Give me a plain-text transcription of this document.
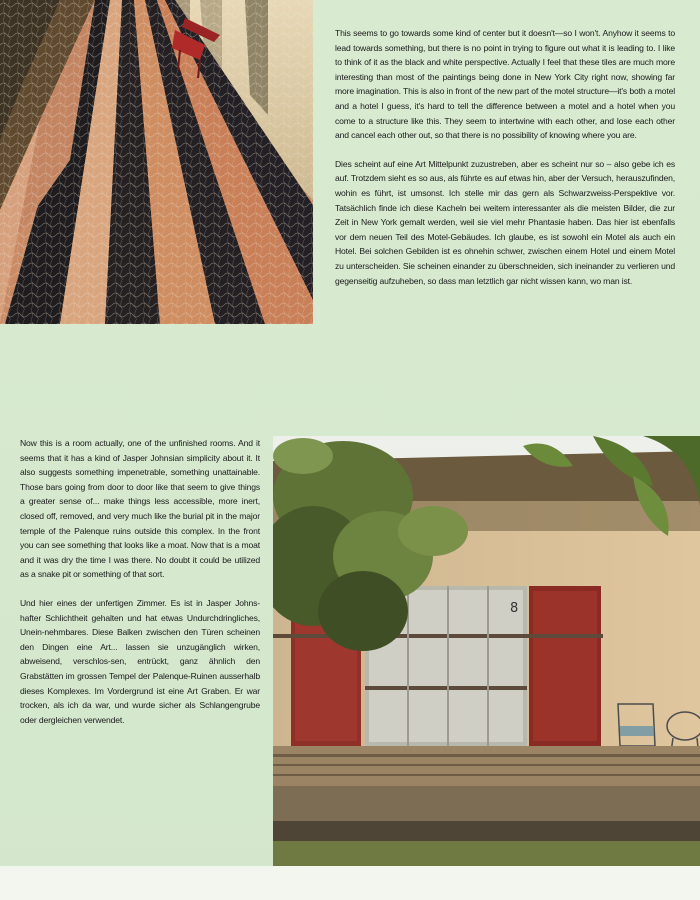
This seems to go towards some kind of center but it doesn't—so I won't. Anyhow it seems to lead towards something, but there is no point in trying to figure out what it is leading to. I like to think of it as the black and white perspective. Actually I feel that these tiles are much more interesting than most of the paintings being done in New York City right now, showing far more imagination. This is also in front of the new part of the motel structure—it's both a motel and a hotel I guess, it's hard to tell the difference between a motel and a hotel when you come to a structure like this. They seem to intertwine with each other, and lose each other and cancel each other out, so that there is no possibility of knowing where you are.

Dies scheint auf eine Art Mittelpunkt zuzustreben, aber es scheint nur so – also gebe ich es auf. Trotzdem sieht es so aus, als führte es auf etwas hin, aber der Versuch, herauszufinden, wohin es führt, ist umsonst. Ich stelle mir das gern als Schwarzweiss-Perspektive vor. Tatsächlich finde ich diese Kacheln bei weitem interessanter als die meisten Bilder, die zur Zeit in New York gemalt werden, weil sie viel mehr Phantasie haben. Das hier ist ebenfalls vor dem neuen Teil des Motel-Gebäudes. Ich glaube, es ist sowohl ein Motel als auch ein Hotel. Bei solchen Gebilden ist es ohnehin schwer, zwischen einem Hotel und einem Motel zu unterscheiden. Sie scheinen einander zu überschneiden, sich ineinander zu verlieren und gegenseitig aufzuheben, so dass man letztlich gar nicht wissen kann, wo man ist.

Now this is a room actually, one of the unfinished rooms. And it seems that it has a kind of Jasper Johnsian simplicity about it. It also suggests something impenetrable, something unattainable. Those bars going from door to door like that seem to give things a greater sense of... make things less accessible, more inert, closed off, removed, and very much like the burial pit in the major temple of the Palenque ruins outside this complex. In the front you can see something that looks like a moat. Now that is a moat and it was dry the time I was there. No doubt it could be utilized as a snake pit or something of that sort.

Und hier eines der unfertigen Zimmer. Es ist in Jasper Johns-hafter Schlichtheit gehalten und hat etwas Undurchdringliches, Unein-nehmbares. Diese Balken zwischen den Türen scheinen den Dingen eine Art... lassen sie unzugänglich wirken, abweisend, verschlos-sen, entrückt, ganz ähnlich den Grabstätten im grossen Tempel der Palenque-Ruinen ausserhalb dieses Komplexes. Im Vordergrund ist eine Art Graben. Er war trocken, als ich da war, und wurde sicher als Schlangengrube oder dergleichen verwendet.

8
